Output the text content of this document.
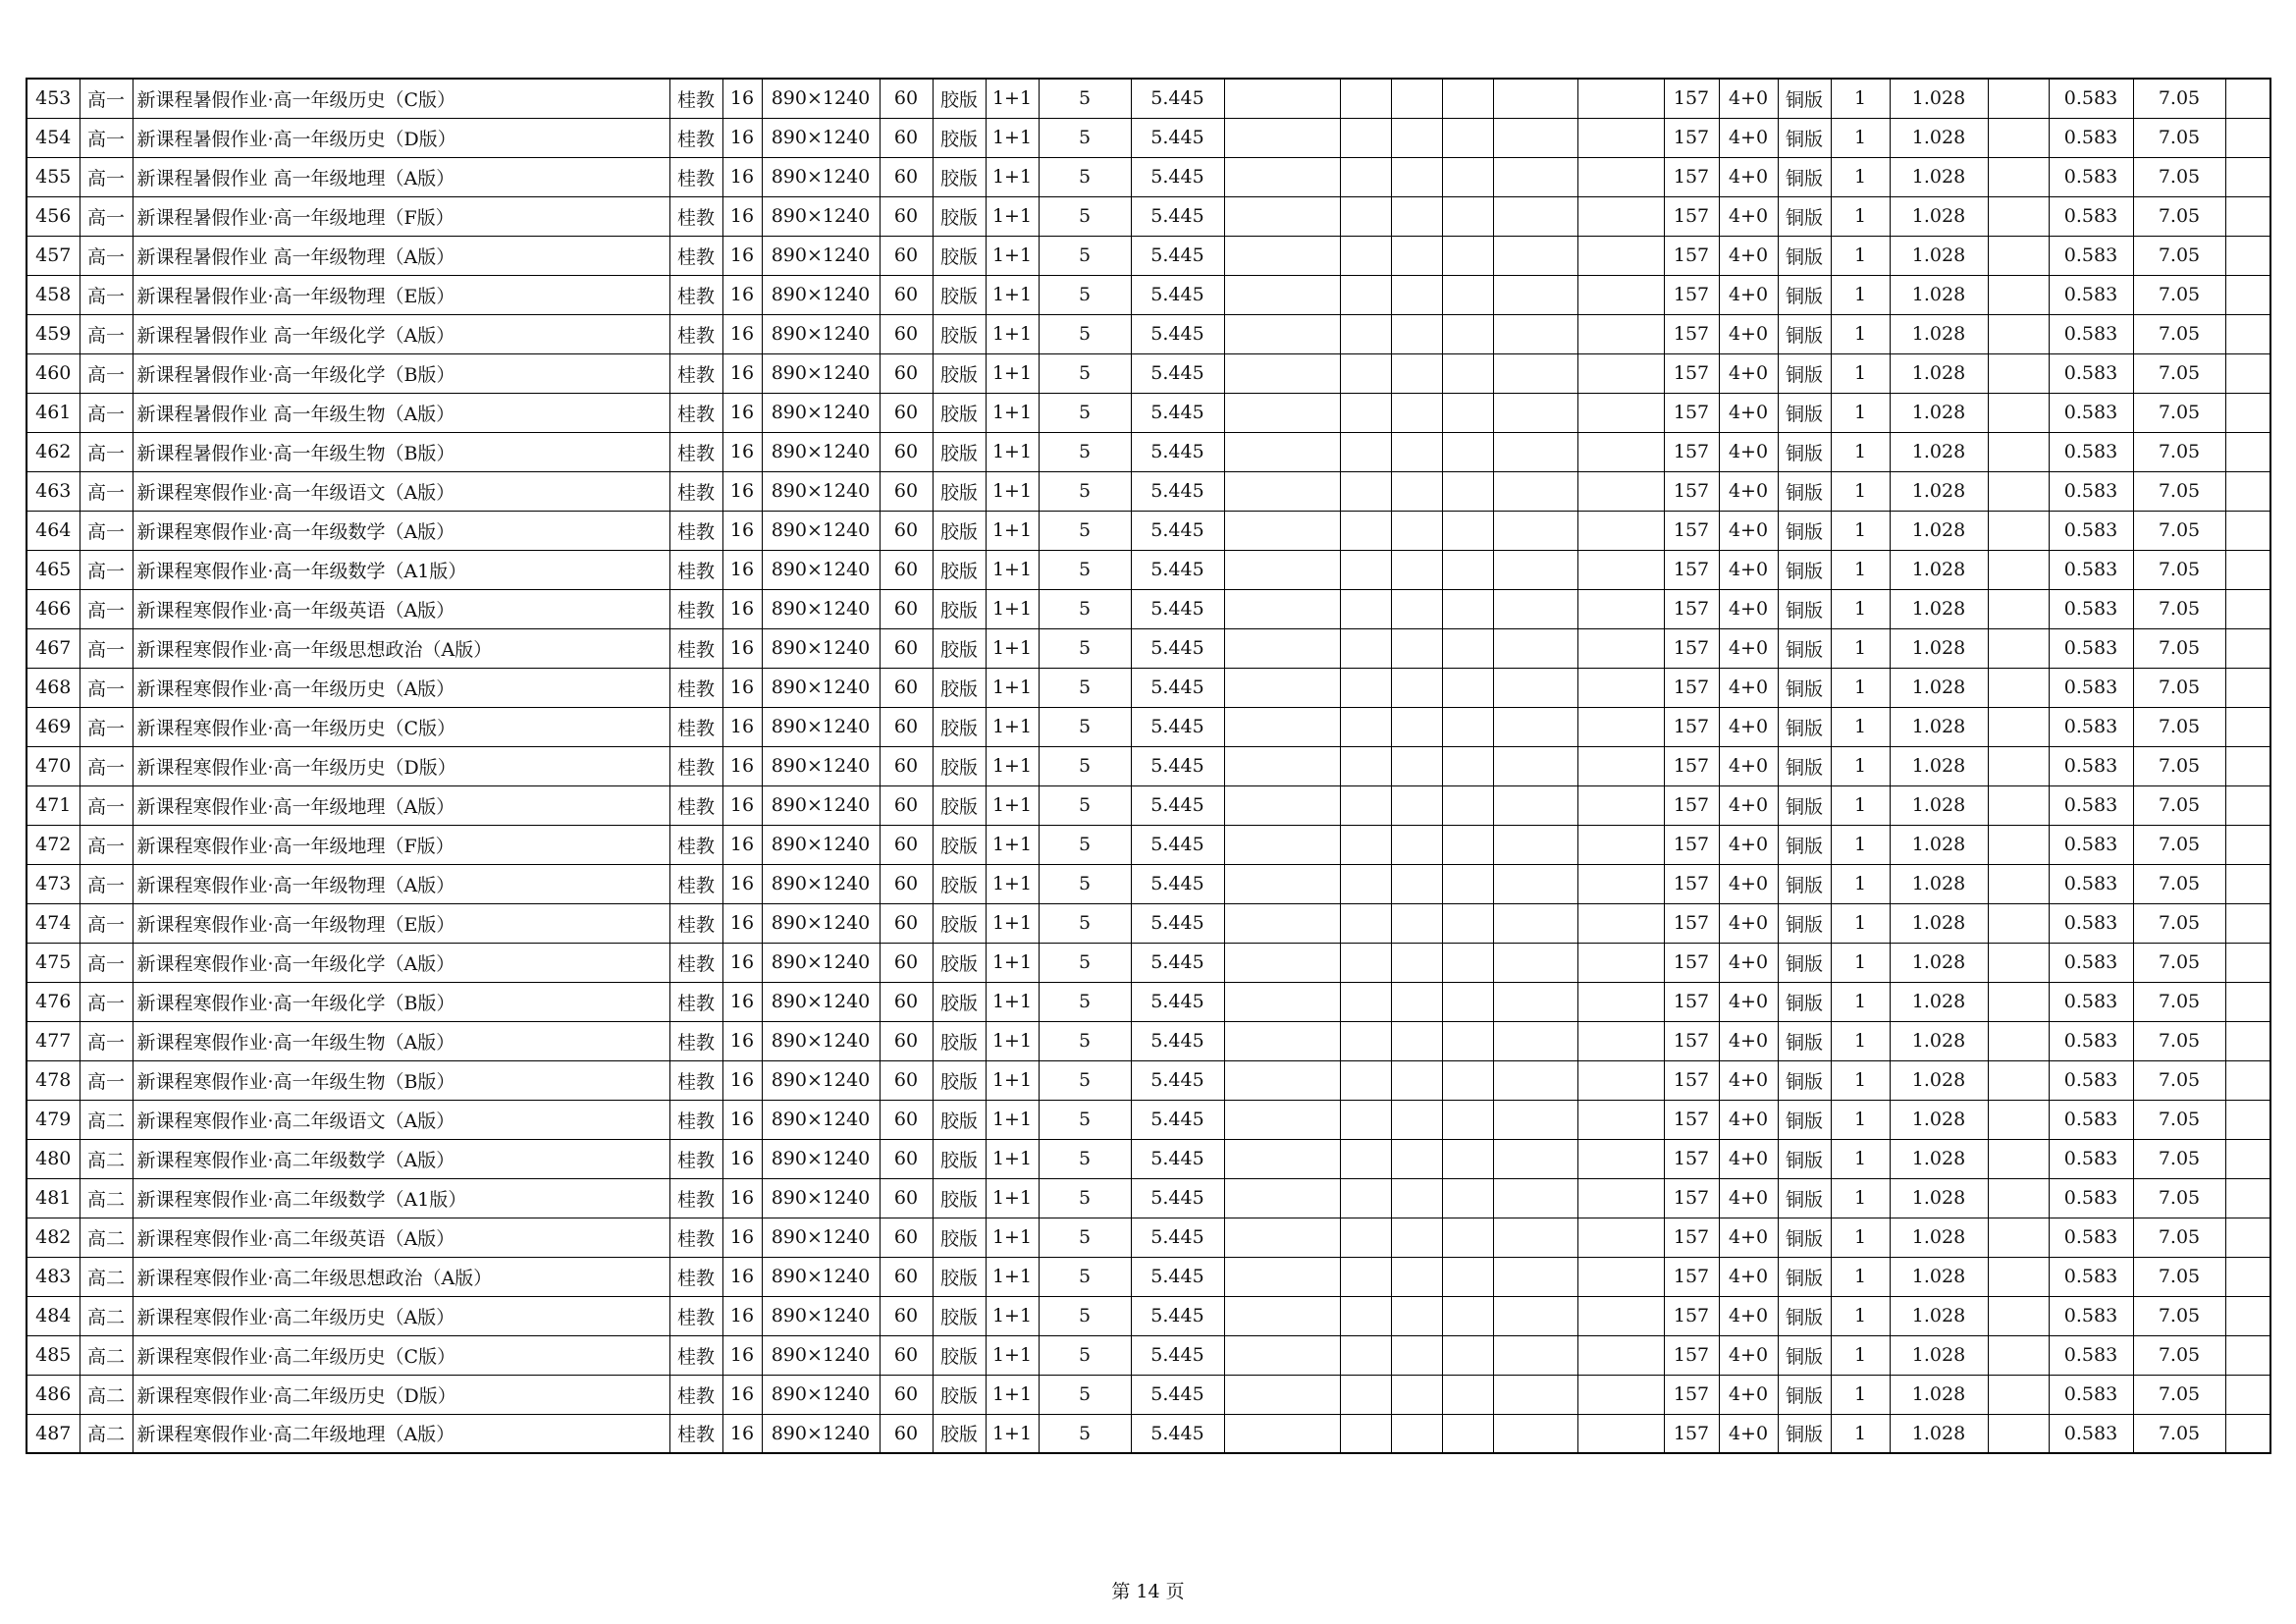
453	高一	新课程暑假作业·高一年级历史（C版）	桂教	16	890×1240	60	胶版	1+1	5	5.445							157	4+0	铜版	1	1.028		0.583	7.05	
454	高一	新课程暑假作业·高一年级历史（D版）	桂教	16	890×1240	60	胶版	1+1	5	5.445							157	4+0	铜版	1	1.028		0.583	7.05	
455	高一	新课程暑假作业 高一年级地理（A版）	桂教	16	890×1240	60	胶版	1+1	5	5.445							157	4+0	铜版	1	1.028		0.583	7.05	
456	高一	新课程暑假作业·高一年级地理（F版）	桂教	16	890×1240	60	胶版	1+1	5	5.445							157	4+0	铜版	1	1.028		0.583	7.05	
457	高一	新课程暑假作业 高一年级物理（A版）	桂教	16	890×1240	60	胶版	1+1	5	5.445							157	4+0	铜版	1	1.028		0.583	7.05	
458	高一	新课程暑假作业·高一年级物理（E版）	桂教	16	890×1240	60	胶版	1+1	5	5.445							157	4+0	铜版	1	1.028		0.583	7.05	
459	高一	新课程暑假作业 高一年级化学（A版）	桂教	16	890×1240	60	胶版	1+1	5	5.445							157	4+0	铜版	1	1.028		0.583	7.05	
460	高一	新课程暑假作业·高一年级化学（B版）	桂教	16	890×1240	60	胶版	1+1	5	5.445							157	4+0	铜版	1	1.028		0.583	7.05	
461	高一	新课程暑假作业 高一年级生物（A版）	桂教	16	890×1240	60	胶版	1+1	5	5.445							157	4+0	铜版	1	1.028		0.583	7.05	
462	高一	新课程暑假作业·高一年级生物（B版）	桂教	16	890×1240	60	胶版	1+1	5	5.445							157	4+0	铜版	1	1.028		0.583	7.05	
463	高一	新课程寒假作业·高一年级语文（A版）	桂教	16	890×1240	60	胶版	1+1	5	5.445							157	4+0	铜版	1	1.028		0.583	7.05	
464	高一	新课程寒假作业·高一年级数学（A版）	桂教	16	890×1240	60	胶版	1+1	5	5.445							157	4+0	铜版	1	1.028		0.583	7.05	
465	高一	新课程寒假作业·高一年级数学（A1版）	桂教	16	890×1240	60	胶版	1+1	5	5.445							157	4+0	铜版	1	1.028		0.583	7.05	
466	高一	新课程寒假作业·高一年级英语（A版）	桂教	16	890×1240	60	胶版	1+1	5	5.445							157	4+0	铜版	1	1.028		0.583	7.05	
467	高一	新课程寒假作业·高一年级思想政治（A版）	桂教	16	890×1240	60	胶版	1+1	5	5.445							157	4+0	铜版	1	1.028		0.583	7.05	
468	高一	新课程寒假作业·高一年级历史（A版）	桂教	16	890×1240	60	胶版	1+1	5	5.445							157	4+0	铜版	1	1.028		0.583	7.05	
469	高一	新课程寒假作业·高一年级历史（C版）	桂教	16	890×1240	60	胶版	1+1	5	5.445							157	4+0	铜版	1	1.028		0.583	7.05	
470	高一	新课程寒假作业·高一年级历史（D版）	桂教	16	890×1240	60	胶版	1+1	5	5.445							157	4+0	铜版	1	1.028		0.583	7.05	
471	高一	新课程寒假作业·高一年级地理（A版）	桂教	16	890×1240	60	胶版	1+1	5	5.445							157	4+0	铜版	1	1.028		0.583	7.05	
472	高一	新课程寒假作业·高一年级地理（F版）	桂教	16	890×1240	60	胶版	1+1	5	5.445							157	4+0	铜版	1	1.028		0.583	7.05	
473	高一	新课程寒假作业·高一年级物理（A版）	桂教	16	890×1240	60	胶版	1+1	5	5.445							157	4+0	铜版	1	1.028		0.583	7.05	
474	高一	新课程寒假作业·高一年级物理（E版）	桂教	16	890×1240	60	胶版	1+1	5	5.445							157	4+0	铜版	1	1.028		0.583	7.05	
475	高一	新课程寒假作业·高一年级化学（A版）	桂教	16	890×1240	60	胶版	1+1	5	5.445							157	4+0	铜版	1	1.028		0.583	7.05	
476	高一	新课程寒假作业·高一年级化学（B版）	桂教	16	890×1240	60	胶版	1+1	5	5.445							157	4+0	铜版	1	1.028		0.583	7.05	
477	高一	新课程寒假作业·高一年级生物（A版）	桂教	16	890×1240	60	胶版	1+1	5	5.445							157	4+0	铜版	1	1.028		0.583	7.05	
478	高一	新课程寒假作业·高一年级生物（B版）	桂教	16	890×1240	60	胶版	1+1	5	5.445							157	4+0	铜版	1	1.028		0.583	7.05	
479	高二	新课程寒假作业·高二年级语文（A版）	桂教	16	890×1240	60	胶版	1+1	5	5.445							157	4+0	铜版	1	1.028		0.583	7.05	
480	高二	新课程寒假作业·高二年级数学（A版）	桂教	16	890×1240	60	胶版	1+1	5	5.445							157	4+0	铜版	1	1.028		0.583	7.05	
481	高二	新课程寒假作业·高二年级数学（A1版）	桂教	16	890×1240	60	胶版	1+1	5	5.445							157	4+0	铜版	1	1.028		0.583	7.05	
482	高二	新课程寒假作业·高二年级英语（A版）	桂教	16	890×1240	60	胶版	1+1	5	5.445							157	4+0	铜版	1	1.028		0.583	7.05	
483	高二	新课程寒假作业·高二年级思想政治（A版）	桂教	16	890×1240	60	胶版	1+1	5	5.445							157	4+0	铜版	1	1.028		0.583	7.05	
484	高二	新课程寒假作业·高二年级历史（A版）	桂教	16	890×1240	60	胶版	1+1	5	5.445							157	4+0	铜版	1	1.028		0.583	7.05	
485	高二	新课程寒假作业·高二年级历史（C版）	桂教	16	890×1240	60	胶版	1+1	5	5.445							157	4+0	铜版	1	1.028		0.583	7.05	
486	高二	新课程寒假作业·高二年级历史（D版）	桂教	16	890×1240	60	胶版	1+1	5	5.445							157	4+0	铜版	1	1.028		0.583	7.05	
487	高二	新课程寒假作业·高二年级地理（A版）	桂教	16	890×1240	60	胶版	1+1	5	5.445							157	4+0	铜版	1	1.028		0.583	7.05	
第 14 页
